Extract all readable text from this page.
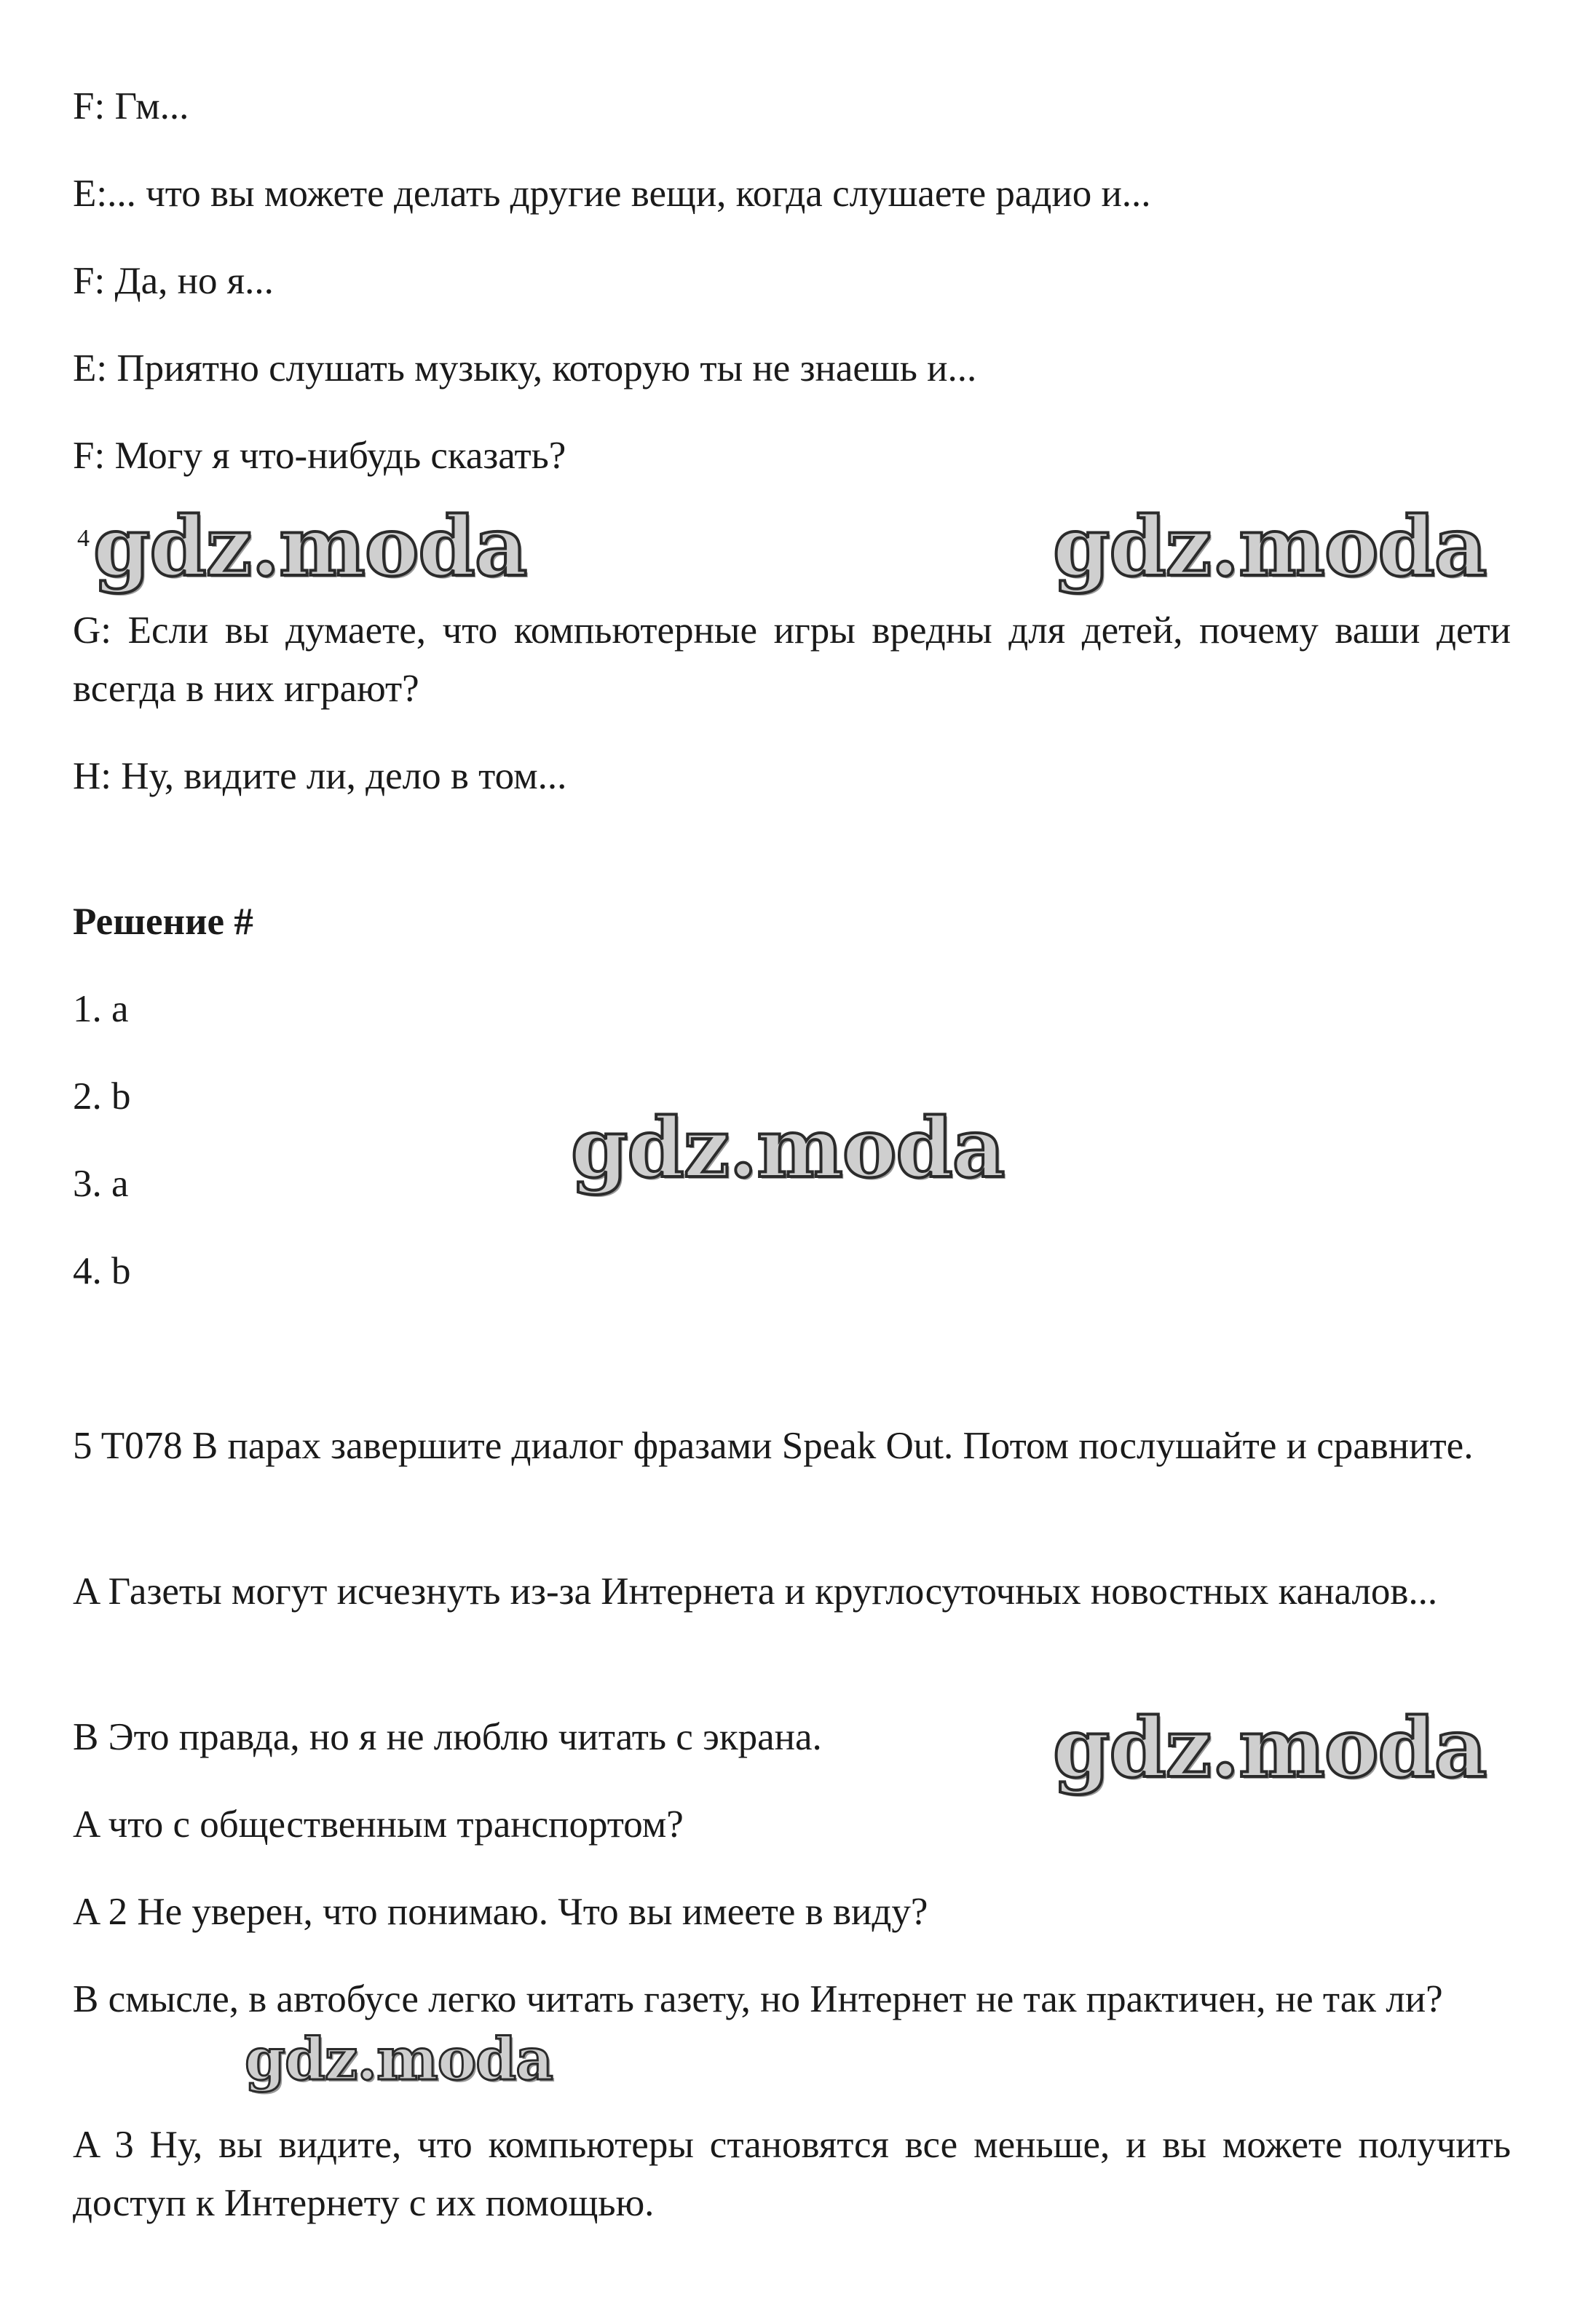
F: Гм...
E:... что вы можете делать другие вещи, когда слушаете радио и...
F: Да, но я...
E: Приятно слушать музыку, которую ты не знаешь и...
F: Могу я что-нибудь сказать?
4
G: Если вы думаете, что компьютерные игры вредны для детей, почему ваши дети всегда в них играют?
H: Ну, видите ли, дело в том...
Решение #
1. a
2. b
3. a
4. b
5 T078 В парах завершите диалог фразами Speak Out. Потом послушайте и сравните.
A Газеты могут исчезнуть из-за Интернета и круглосуточных новостных каналов...
B Это правда, но я не люблю читать с экрана.
A что с общественным транспортом?
A 2 Не уверен, что понимаю. Что вы имеете в виду?
B смысле, в автобусе легко читать газету, но Интернет не так практичен, не так ли?
A 3 Ну, вы видите, что компьютеры становятся все меньше, и вы можете получить доступ к Интернету с их помощью.
gdz.moda	gdz.moda
gdz.moda
gdz.moda
gdz.moda
